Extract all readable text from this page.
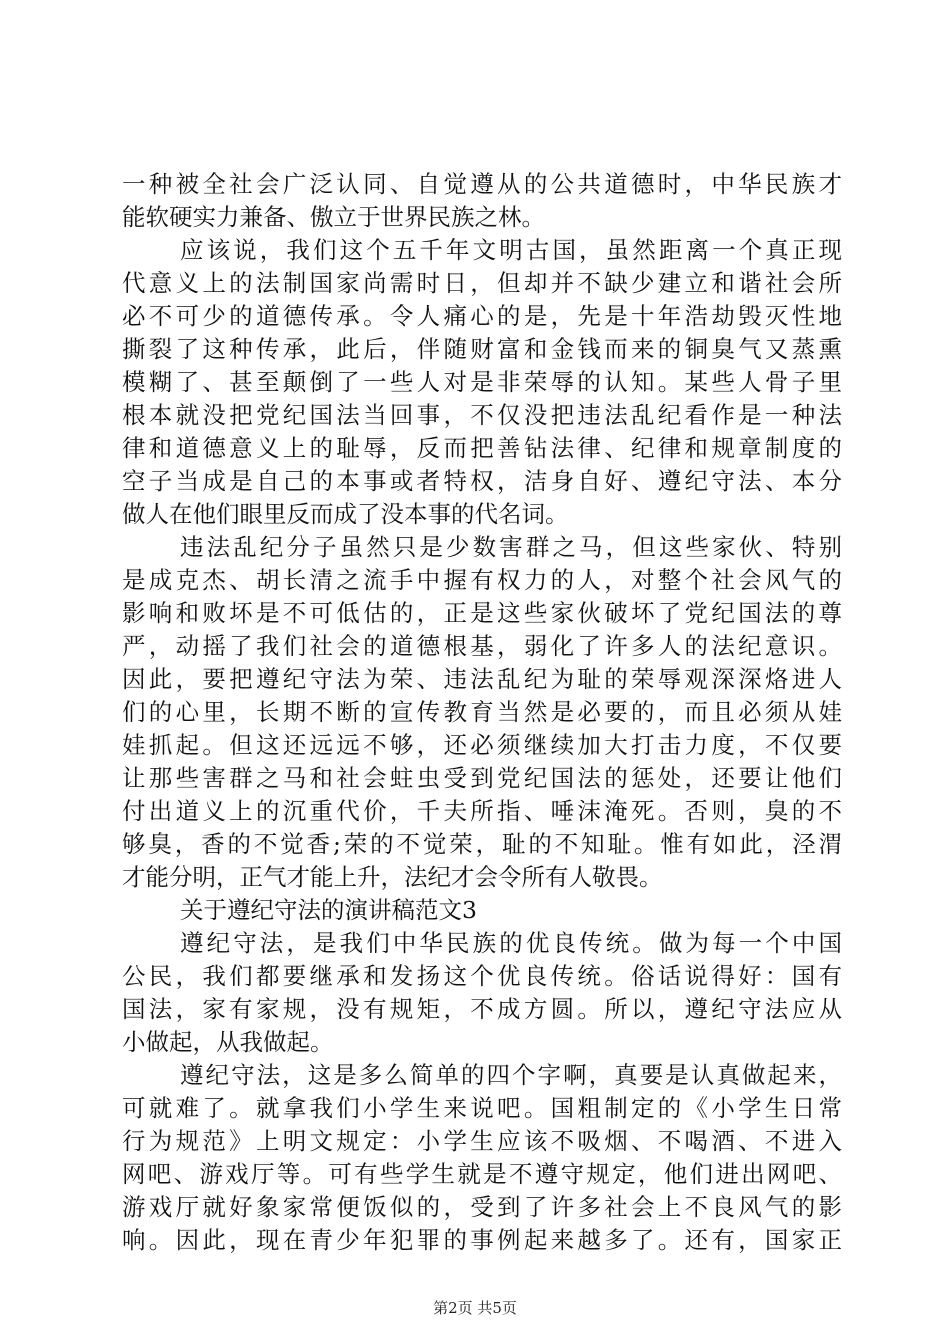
一种被全社会广泛认同、自觉遵从的公共道德时，中华民族才
能软硬实力兼备、傲立于世界民族之林。
应该说，我们这个五千年文明古国，虽然距离一个真正现
代意义上的法制国家尚需时日，但却并不缺少建立和谐社会所
必不可少的道德传承。令人痛心的是，先是十年浩劫毁灭性地
撕裂了这种传承，此后，伴随财富和金钱而来的铜臭气又蒸熏
模糊了、甚至颠倒了一些人对是非荣辱的认知。某些人骨子里
根本就没把党纪国法当回事，不仅没把违法乱纪看作是一种法
律和道德意义上的耻辱，反而把善钻法律、纪律和规章制度的
空子当成是自己的本事或者特权，洁身自好、遵纪守法、本分
做人在他们眼里反而成了没本事的代名词。
违法乱纪分子虽然只是少数害群之马，但这些家伙、特别
是成克杰、胡长清之流手中握有权力的人，对整个社会风气的
影响和败坏是不可低估的，正是这些家伙破坏了党纪国法的尊
严，动摇了我们社会的道德根基，弱化了许多人的法纪意识。
因此，要把遵纪守法为荣、违法乱纪为耻的荣辱观深深烙进人
们的心里，长期不断的宣传教育当然是必要的，而且必须从娃
娃抓起。但这还远远不够，还必须继续加大打击力度，不仅要
让那些害群之马和社会蛀虫受到党纪国法的惩处，还要让他们
付出道义上的沉重代价，千夫所指、唾沫淹死。否则，臭的不
够臭，香的不觉香;荣的不觉荣，耻的不知耻。惟有如此，泾渭
才能分明，正气才能上升，法纪才会令所有人敬畏。
关于遵纪守法的演讲稿范文3
遵纪守法，是我们中华民族的优良传统。做为每一个中国
公民，我们都要继承和发扬这个优良传统。俗话说得好：国有
国法，家有家规，没有规矩，不成方圆。所以，遵纪守法应从
小做起，从我做起。
遵纪守法，这是多么简单的四个字啊，真要是认真做起来，
可就难了。就拿我们小学生来说吧。国粗制定的《小学生日常
行为规范》上明文规定：小学生应该不吸烟、不喝酒、不进入
网吧、游戏厅等。可有些学生就是不遵守规定，他们进出网吧、
游戏厅就好象家常便饭似的，受到了许多社会上不良风气的影
响。因此，现在青少年犯罪的事例起来越多了。还有，国家正
第2页 共5页
